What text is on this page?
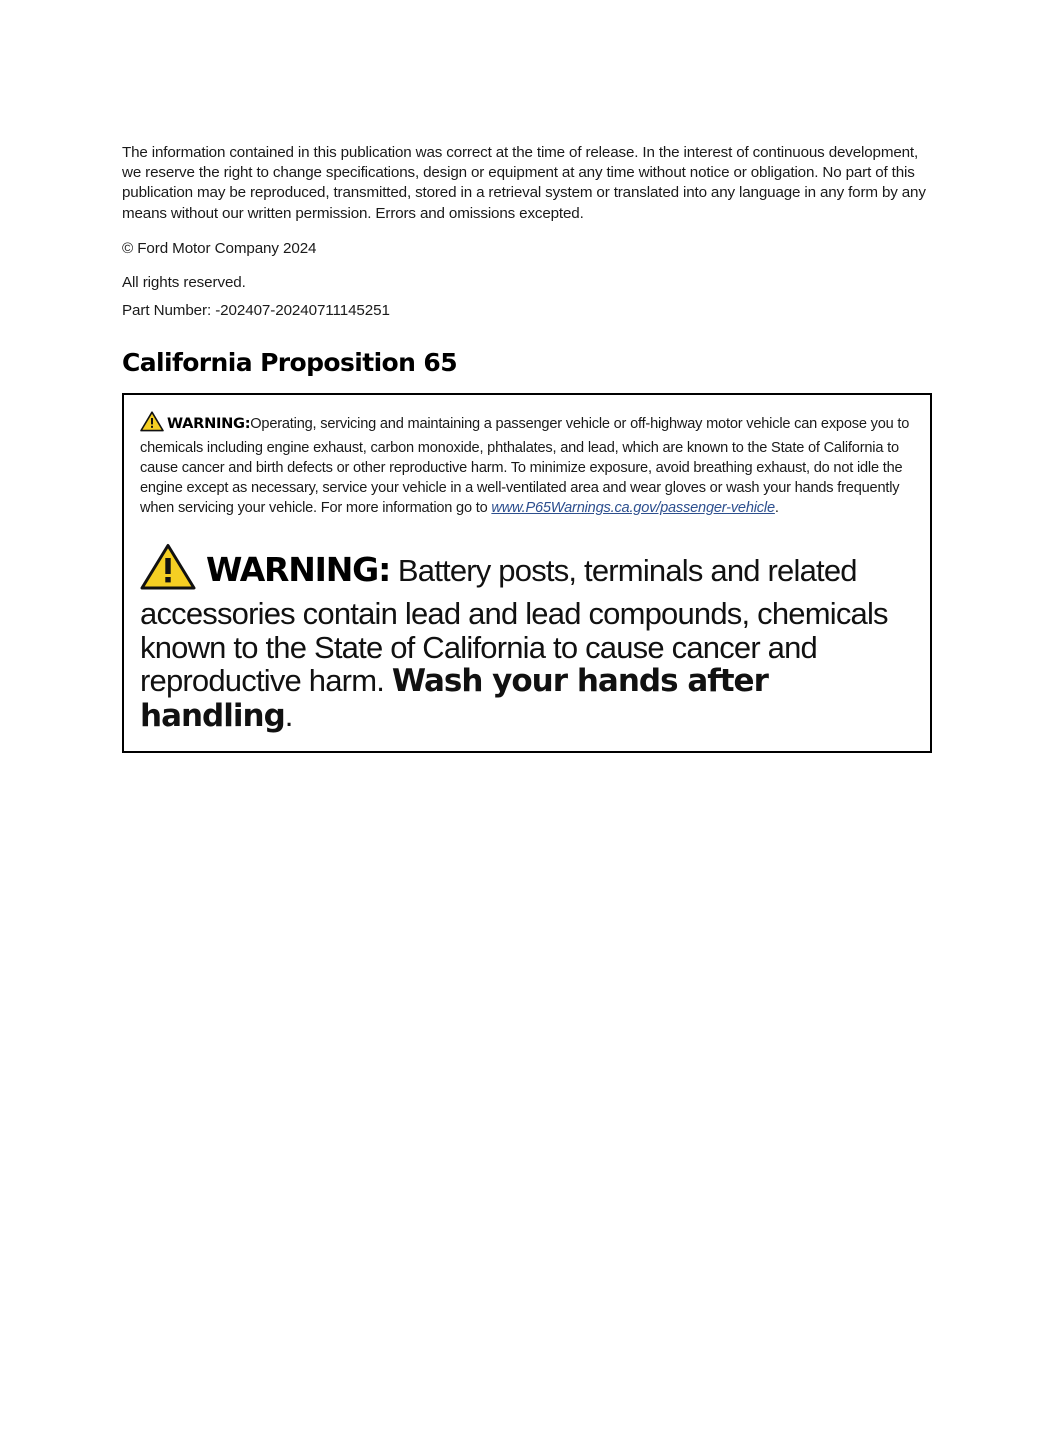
The information contained in this publication was correct at the time of release. In the interest of continuous development, we reserve the right to change specifications, design or equipment at any time without notice or obligation. No part of this publication may be reproduced, transmitted, stored in a retrieval system or translated into any language in any form by any means without our written permission. Errors and omissions excepted.

© Ford Motor Company 2024

All rights reserved.

Part Number: -202407-20240711145251

California Proposition 65
WARNING:Operating, servicing and maintaining a passenger vehicle or off-highway motor vehicle can expose you to chemicals including engine exhaust, carbon monoxide, phthalates, and lead, which are known to the State of California to cause cancer and birth defects or other reproductive harm. To minimize exposure, avoid breathing exhaust, do not idle the engine except as necessary, service your vehicle in a well-ventilated area and wear gloves or wash your hands frequently when servicing your vehicle. For more information go to www.P65Warnings.ca.gov/passenger-vehicle.
WARNING: Battery posts, terminals and related accessories contain lead and lead compounds, chemicals known to the State of California to cause cancer and reproductive harm. Wash your hands after handling.
